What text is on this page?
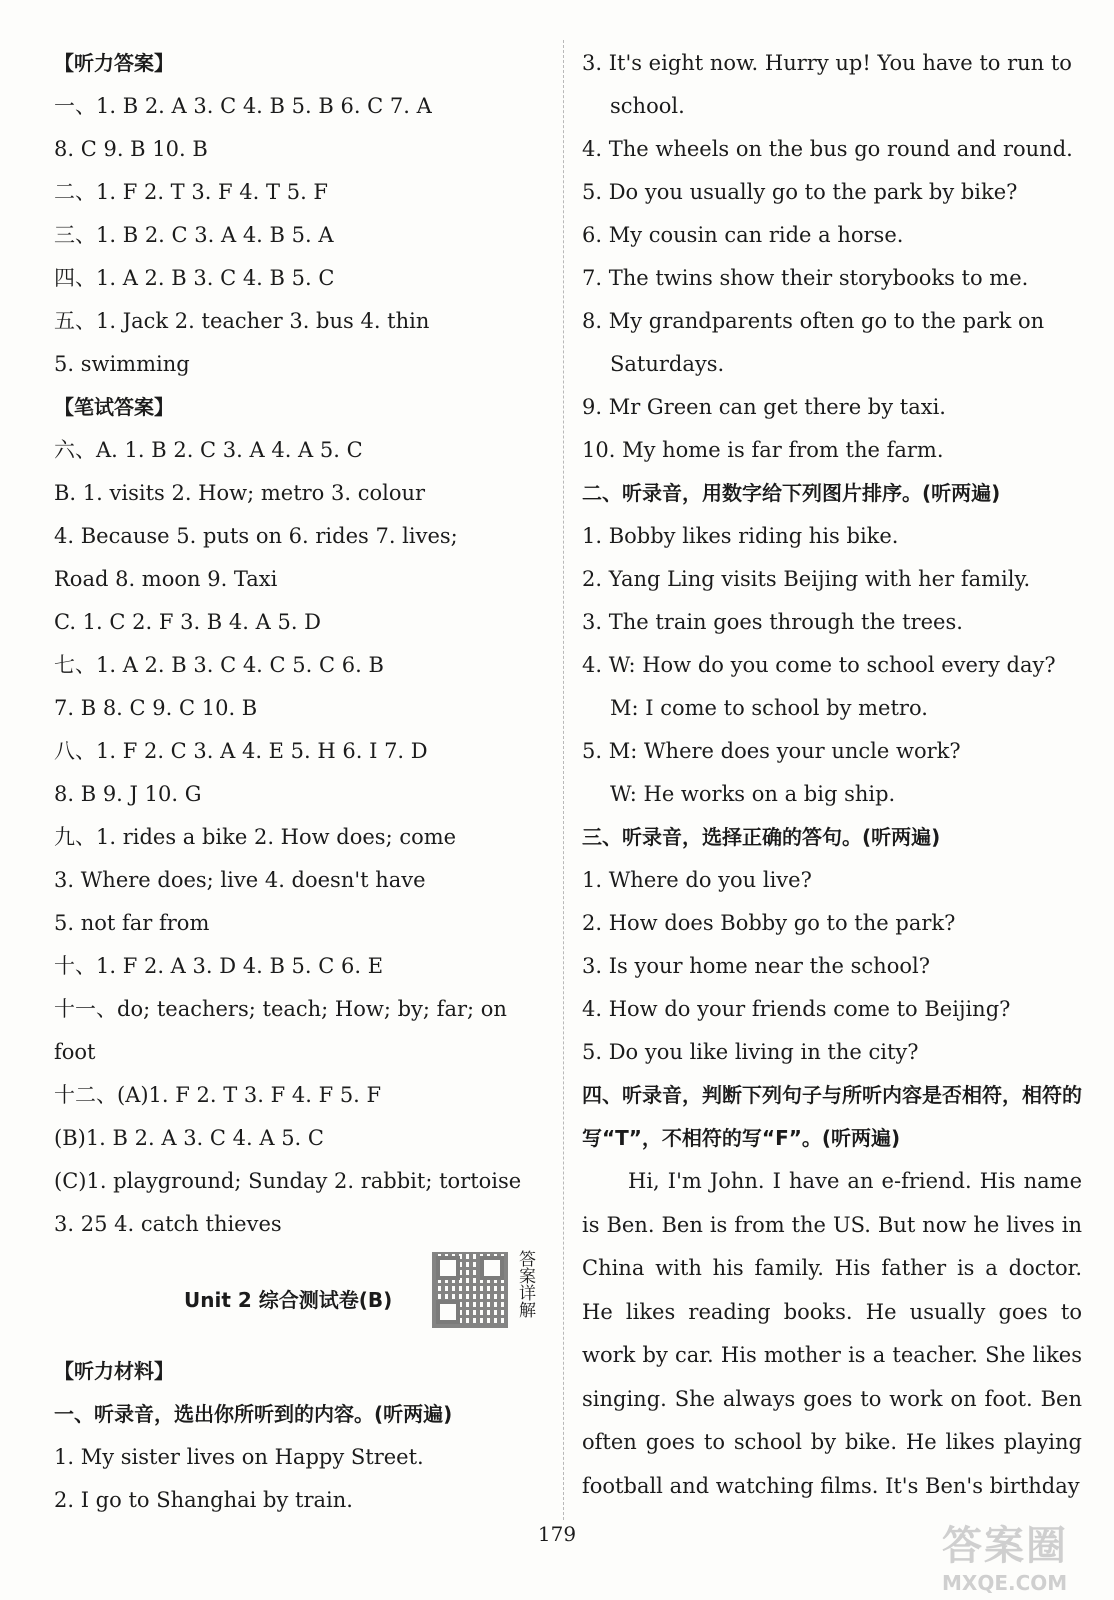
【听力答案】
一、1. B 2. A 3. C 4. B 5. B 6. C 7. A
8. C 9. B 10. B
二、1. F 2. T 3. F 4. T 5. F
三、1. B 2. C 3. A 4. B 5. A
四、1. A 2. B 3. C 4. B 5. C
五、1. Jack 2. teacher 3. bus 4. thin
5. swimming
【笔试答案】
六、A. 1. B 2. C 3. A 4. A 5. C
B. 1. visits 2. How; metro 3. colour
4. Because 5. puts on 6. rides 7. lives;
Road 8. moon 9. Taxi
C. 1. C 2. F 3. B 4. A 5. D
七、1. A 2. B 3. C 4. C 5. C 6. B
7. B 8. C 9. C 10. B
八、1. F 2. C 3. A 4. E 5. H 6. I 7. D
8. B 9. J 10. G
九、1. rides a bike 2. How does; come
3. Where does; live 4. doesn't have
5. not far from
十、1. F 2. A 3. D 4. B 5. C 6. E
十一、do; teachers; teach; How; by; far; on
foot
十二、(A)1. F 2. T 3. F 4. F 5. F
(B)1. B 2. A 3. C 4. A 5. C
(C)1. playground; Sunday 2. rabbit; tortoise
3. 25 4. catch thieves
Unit 2 综合测试卷(B)	答案详解
【听力材料】
一、听录音，选出你所听到的内容。(听两遍)
1. My sister lives on Happy Street.
2. I go to Shanghai by train.
3. It's eight now. Hurry up! You have to run to
school.
4. The wheels on the bus go round and round.
5. Do you usually go to the park by bike?
6. My cousin can ride a horse.
7. The twins show their storybooks to me.
8. My grandparents often go to the park on
Saturdays.
9. Mr Green can get there by taxi.
10. My home is far from the farm.
二、听录音，用数字给下列图片排序。(听两遍)
1. Bobby likes riding his bike.
2. Yang Ling visits Beijing with her family.
3. The train goes through the trees.
4. W: How do you come to school every day?
M: I come to school by metro.
5. M: Where does your uncle work?
W: He works on a big ship.
三、听录音，选择正确的答句。(听两遍)
1. Where do you live?
2. How does Bobby go to the park?
3. Is your home near the school?
4. How do your friends come to Beijing?
5. Do you like living in the city?
四、听录音，判断下列句子与所听内容是否相符，相符的写“T”，不相符的写“F”。(听两遍)
Hi, I'm John. I have an e-friend. His name is Ben. Ben is from the US. But now he lives in China with his family. His father is a doctor. He likes reading books. He usually goes to work by car. His mother is a teacher. She likes singing. She always goes to work on foot. Ben often goes to school by bike. He likes playing football and watching films. It's Ben's birthday
179	答案圈
MXQE.COM
